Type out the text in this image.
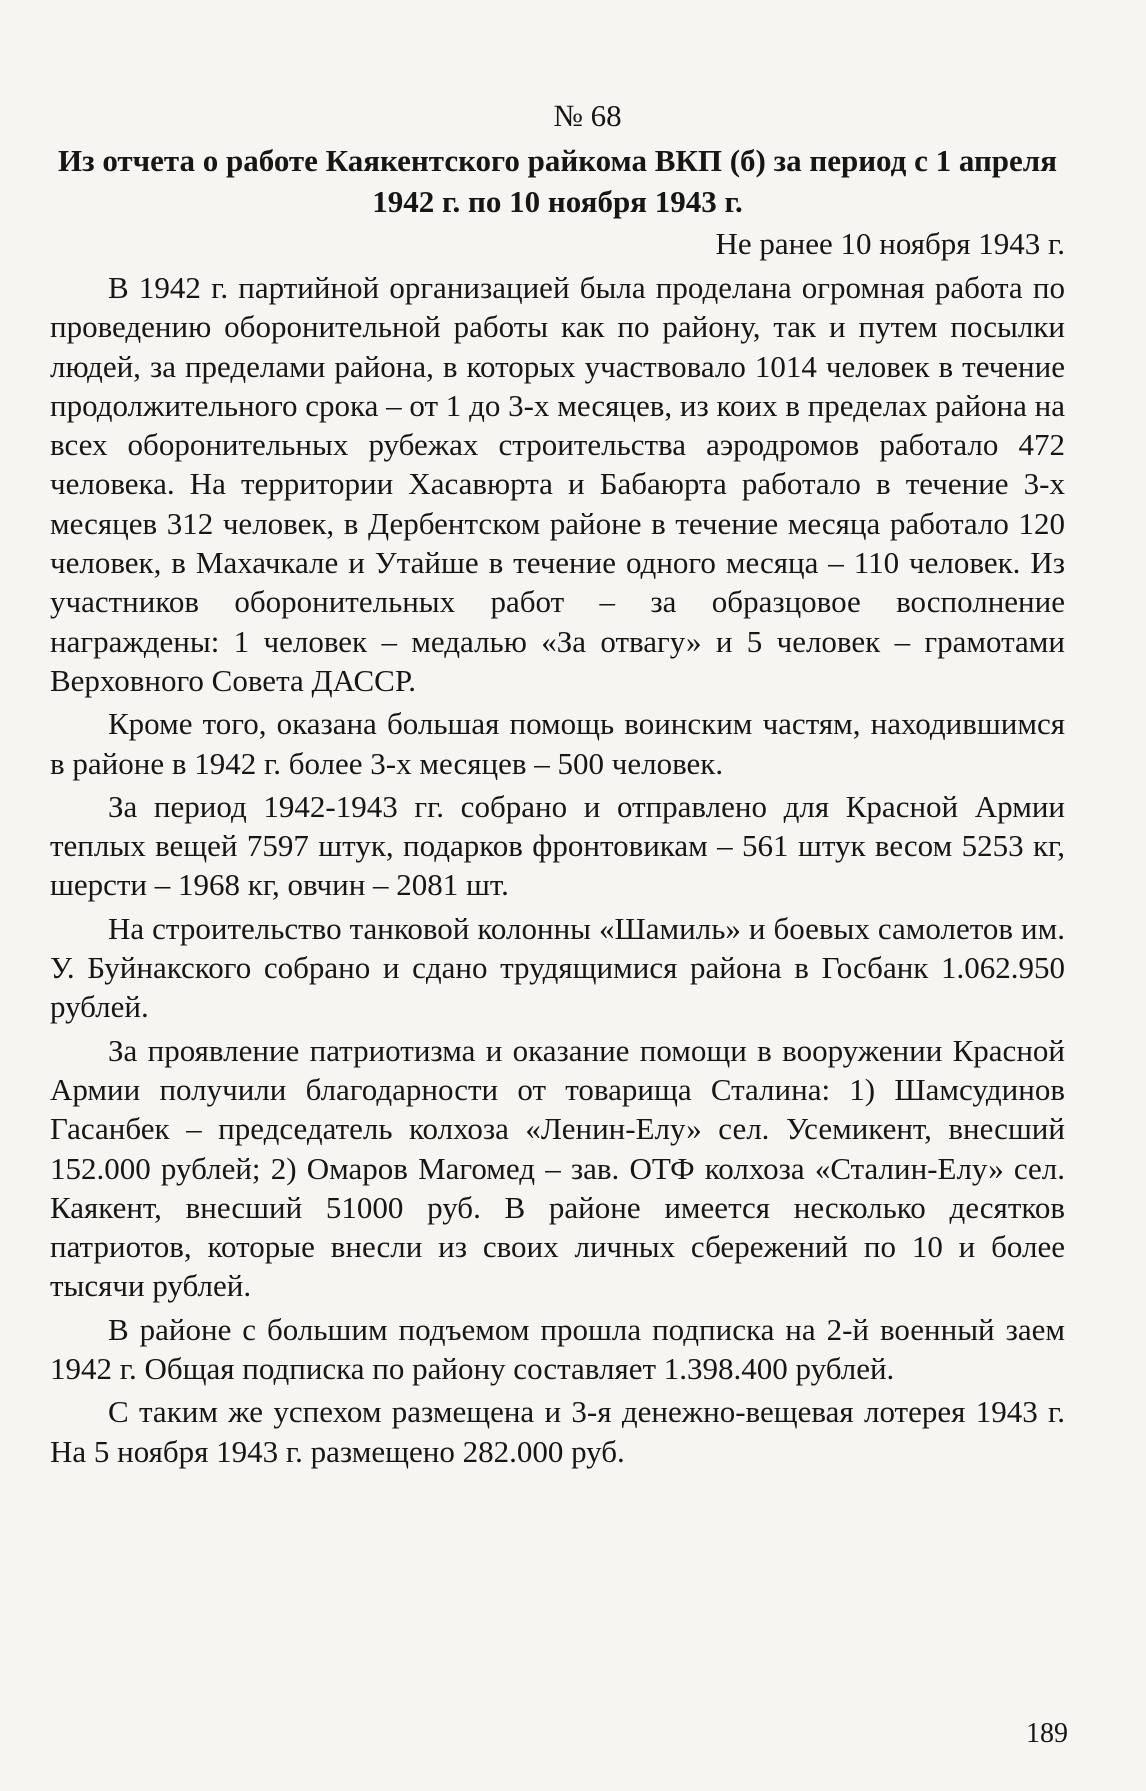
№ 68
Из отчета о работе Каякентского райкома ВКП (б) за период с 1 апреля 1942 г. по 10 ноября 1943 г.
Не ранее 10 ноября 1943 г.

В 1942 г. партийной организацией была проделана огромная работа по проведению оборонительной работы как по району, так и путем посылки людей, за пределами района, в которых участвовало 1014 человек в течение продолжительного срока – от 1 до 3-х месяцев, из коих в пределах района на всех оборонительных рубежах строительства аэродромов работало 472 человека. На территории Хасавюрта и Бабаюрта работало в течение 3-х месяцев 312 человек, в Дербентском районе в течение месяца работало 120 человек, в Махачкале и Утайше в течение одного месяца – 110 человек. Из участников оборонительных работ – за образцовое восполнение награждены: 1 человек – медалью «За отвагу» и 5 человек – грамотами Верховного Совета ДАССР.

Кроме того, оказана большая помощь воинским частям, находившимся в районе в 1942 г. более 3-х месяцев – 500 человек.

За период 1942-1943 гг. собрано и отправлено для Красной Армии теплых вещей 7597 штук, подарков фронтовикам – 561 штук весом 5253 кг, шерсти – 1968 кг, овчин – 2081 шт.

На строительство танковой колонны «Шамиль» и боевых самолетов им. У. Буйнакского собрано и сдано трудящимися района в Госбанк 1.062.950 рублей.

За проявление патриотизма и оказание помощи в вооружении Красной Армии получили благодарности от товарища Сталина: 1) Шамсудинов Гасанбек – председатель колхоза «Ленин-Елу» сел. Усемикент, внесший 152.000 рублей; 2) Омаров Магомед – зав. ОТФ колхоза «Сталин-Елу» сел. Каякент, внесший 51000 руб. В районе имеется несколько десятков патриотов, которые внесли из своих личных сбережений по 10 и более тысячи рублей.

В районе с большим подъемом прошла подписка на 2-й военный заем 1942 г. Общая подписка по району составляет 1.398.400 рублей.

С таким же успехом размещена и 3-я денежно-вещевая лотерея 1943 г. На 5 ноября 1943 г. размещено 282.000 руб.

189
